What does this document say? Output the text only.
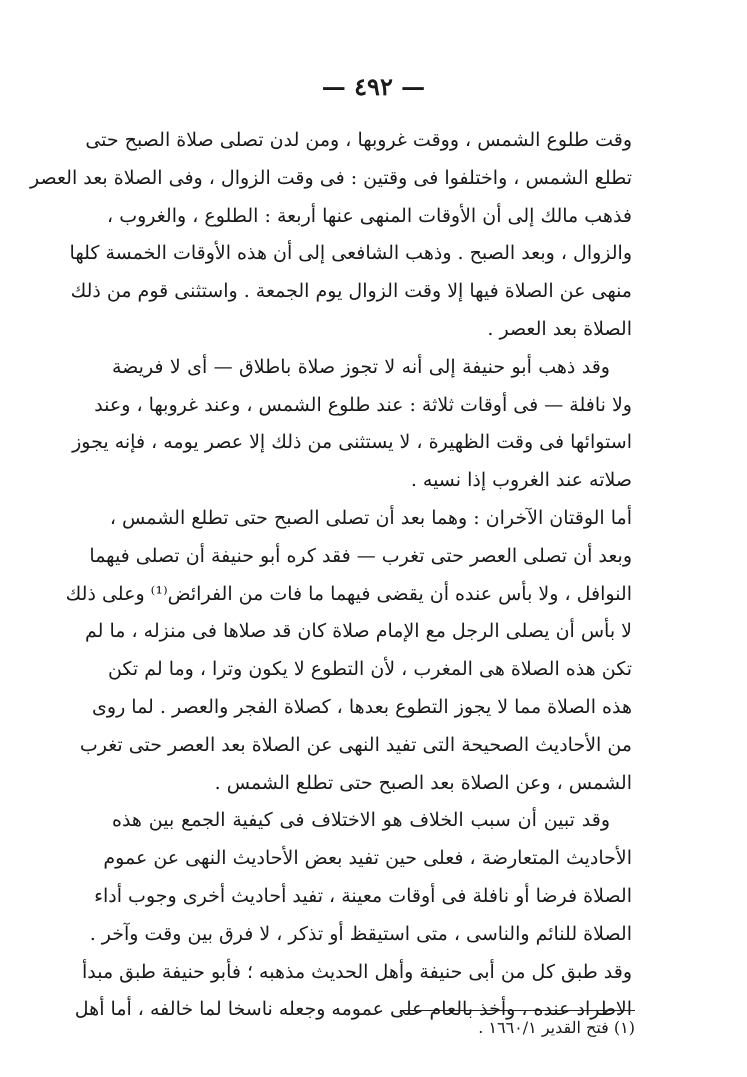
— ٤٩٢ —
وقت طلوع الشمس ، ووقت غروبها ، ومن لدن تصلى صلاة الصبح حتى
تطلع الشمس ، واختلفوا فى وقتين : فى وقت الزوال ، وفى الصلاة بعد العصر
فذهب مالك إلى أن الأوقات المنهى عنها أربعة : الطلوع ، والغروب ،
والزوال ، وبعد الصبح . وذهب الشافعى إلى أن هذه الأوقات الخمسة كلها
منهى عن الصلاة فيها إلا وقت الزوال يوم الجمعة . واستثنى قوم من ذلك
الصلاة بعد العصر .
وقد ذهب أبو حنيفة إلى أنه لا تجوز صلاة باطلاق — أى لا فريضة
ولا نافلة — فى أوقات ثلاثة : عند طلوع الشمس ، وعند غروبها ، وعند
استوائها فى وقت الظهيرة ، لا يستثنى من ذلك إلا عصر يومه ، فإنه يجوز
صلاته عند الغروب إذا نسيه .
أما الوقتان الآخران : وهما بعد أن تصلى الصبح حتى تطلع الشمس ،
وبعد أن تصلى العصر حتى تغرب — فقد كره أبو حنيفة أن تصلى فيهما
النوافل ، ولا بأس عنده أن يقضى فيهما ما فات من الفرائض⁽¹⁾ وعلى ذلك
لا بأس أن يصلى الرجل مع الإمام صلاة كان قد صلاها فى منزله ، ما لم
تكن هذه الصلاة هى المغرب ، لأن التطوع لا يكون وترا ، وما لم تكن
هذه الصلاة مما لا يجوز التطوع بعدها ، كصلاة الفجر والعصر . لما روى
من الأحاديث الصحيحة التى تفيد النهى عن الصلاة بعد العصر حتى تغرب
الشمس ، وعن الصلاة بعد الصبح حتى تطلع الشمس .
وقد تبين أن سبب الخلاف هو الاختلاف فى كيفية الجمع بين هذه
الأحاديث المتعارضة ، فعلى حين تفيد بعض الأحاديث النهى عن عموم
الصلاة فرضا أو نافلة فى أوقات معينة ، تفيد أحاديث أخرى وجوب أداء
الصلاة للنائم والناسى ، متى استيقظ أو تذكر ، لا فرق بين وقت وآخر .
وقد طبق كل من أبى حنيفة وأهل الحديث مذهبه ؛ فأبو حنيفة طبق مبدأ
الاطراد عنده ، وأخذ بالعام على عمومه وجعله ناسخا لما خالفه ، أما أهل
(١) فتح القدير ١٦٦٠/١ .
